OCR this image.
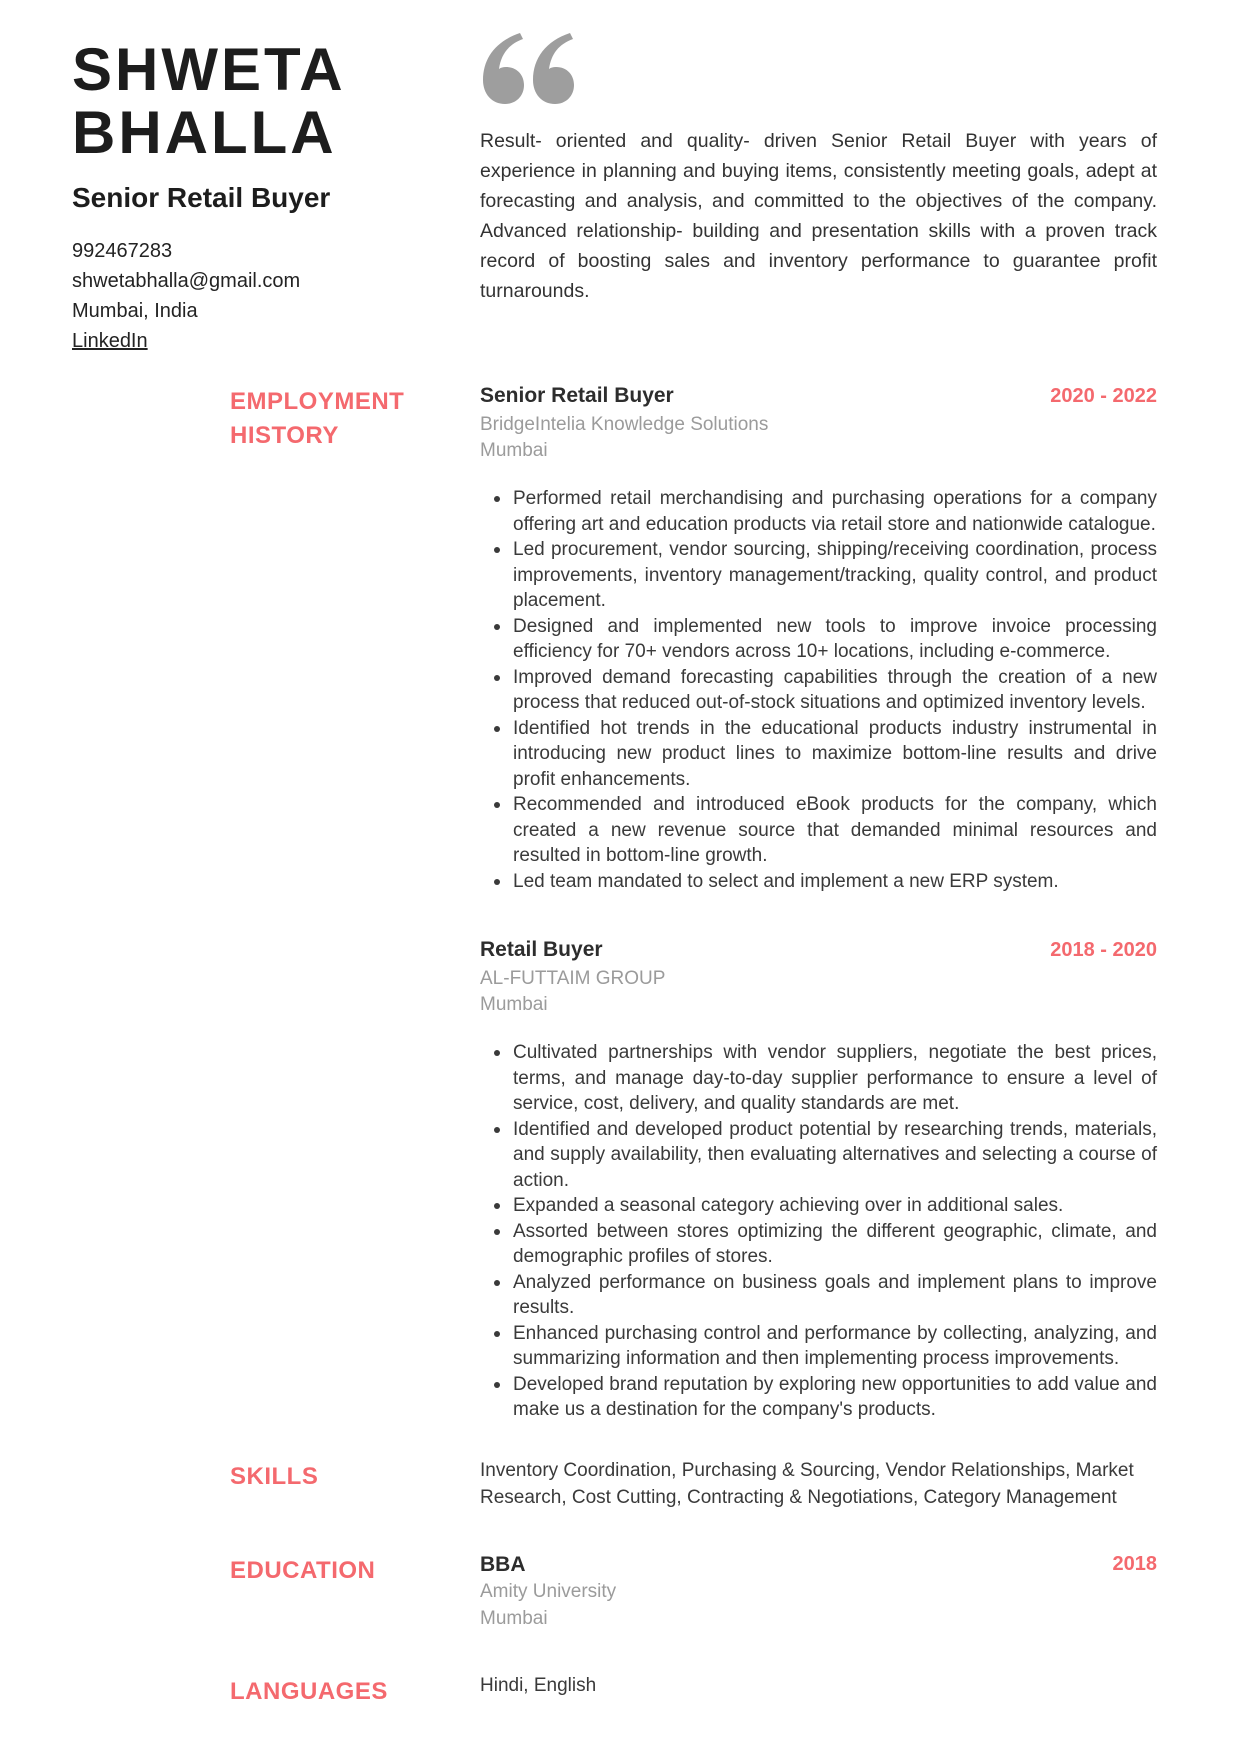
SHWETA BHALLA
Senior Retail Buyer
992467283
shwetabhalla@gmail.com
Mumbai, India
LinkedIn

Result- oriented and quality- driven Senior Retail Buyer with years of experience in planning and buying items, consistently meeting goals, adept at forecasting and analysis, and committed to the objectives of the company. Advanced relationship- building and presentation skills with a proven track record of boosting sales and inventory performance to guarantee profit turnarounds.

EMPLOYMENT HISTORY
Senior Retail Buyer
BridgeIntelia Knowledge Solutions
Mumbai
2020 - 2022
Performed retail merchandising and purchasing operations for a company offering art and education products via retail store and nationwide catalogue.
Led procurement, vendor sourcing, shipping/receiving coordination, process improvements, inventory management/tracking, quality control, and product placement.
Designed and implemented new tools to improve invoice processing efficiency for 70+ vendors across 10+ locations, including e-commerce.
Improved demand forecasting capabilities through the creation of a new process that reduced out-of-stock situations and optimized inventory levels.
Identified hot trends in the educational products industry instrumental in introducing new product lines to maximize bottom-line results and drive profit enhancements.
Recommended and introduced eBook products for the company, which created a new revenue source that demanded minimal resources and resulted in bottom-line growth.
Led team mandated to select and implement a new ERP system.
Retail Buyer
AL-FUTTAIM GROUP
Mumbai
2018 - 2020
Cultivated partnerships with vendor suppliers, negotiate the best prices, terms, and manage day-to-day supplier performance to ensure a level of service, cost, delivery, and quality standards are met.
Identified and developed product potential by researching trends, materials, and supply availability, then evaluating alternatives and selecting a course of action.
Expanded a seasonal category achieving over in additional sales.
Assorted between stores optimizing the different geographic, climate, and demographic profiles of stores.
Analyzed performance on business goals and implement plans to improve results.
Enhanced purchasing control and performance by collecting, analyzing, and summarizing information and then implementing process improvements.
Developed brand reputation by exploring new opportunities to add value and make us a destination for the company's products.
SKILLS	Inventory Coordination, Purchasing & Sourcing, Vendor Relationships, Market Research, Cost Cutting, Contracting & Negotiations, Category Management

EDUCATION	BBA
Amity University
Mumbai
2018
LANGUAGES	Hindi, English
